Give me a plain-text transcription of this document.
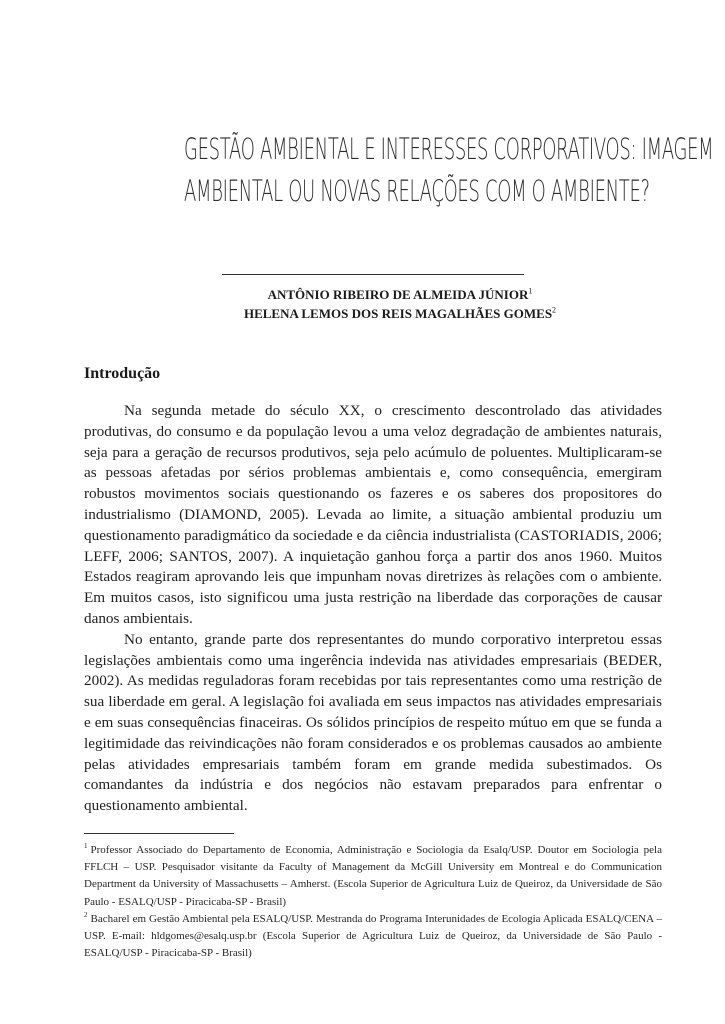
GESTÃO AMBIENTAL E INTERESSES CORPORATIVOS: IMAGEM
AMBIENTAL OU NOVAS RELAÇÕES COM O AMBIENTE?
ANTÔNIO RIBEIRO DE ALMEIDA JÚNIOR$^1$
HELENA LEMOS DOS REIS MAGALHÃES GOMES$^2$
Introdução

Na segunda metade do século XX, o crescimento descontrolado das atividades produtivas, do consumo e da população levou a uma veloz degradação de ambientes naturais, seja para a geração de recursos produtivos, seja pelo acúmulo de poluentes. Multiplicaram-se as pessoas afetadas por sérios problemas ambientais e, como consequência, emergiram robustos movimentos sociais questionando os fazeres e os saberes dos propositores do industrialismo (DIAMOND, 2005). Levada ao limite, a situação ambiental produziu um questionamento paradigmático da sociedade e da ciência industrialista (CASTORIADIS, 2006; LEFF, 2006; SANTOS, 2007). A inquietação ganhou força a partir dos anos 1960. Muitos Estados reagiram aprovando leis que impunham novas diretrizes às relações com o ambiente. Em muitos casos, isto significou uma justa restrição na liberdade das corporações de causar danos ambientais.

No entanto, grande parte dos representantes do mundo corporativo interpretou essas legislações ambientais como uma ingerência indevida nas atividades empresariais (BEDER, 2002). As medidas reguladoras foram recebidas por tais representantes como uma restrição de sua liberdade em geral. A legislação foi avaliada em seus impactos nas atividades empresariais e em suas consequências finaceiras. Os sólidos princípios de respeito mútuo em que se funda a legitimidade das reivindicações não foram considerados e os problemas causados ao ambiente pelas atividades empresariais também foram em grande medida subestimados. Os comandantes da indústria e dos negócios não estavam preparados para enfrentar o questionamento ambiental.

$^1$ Professor Associado do Departamento de Economia, Administração e Sociologia da Esalq/USP. Doutor em Sociologia pela FFLCH – USP. Pesquisador visitante da Faculty of Management da McGill University em Montreal e do Communication Department da University of Massachusetts – Amherst. (Escola Superior de Agricultura Luiz de Queiroz, da Universidade de São Paulo - ESALQ/USP - Piracicaba-SP - Brasil)

$^2$ Bacharel em Gestão Ambiental pela ESALQ/USP. Mestranda do Programa Interunidades de Ecologia Aplicada ESALQ/CENA – USP. E-mail: hldgomes@esalq.usp.br (Escola Superior de Agricultura Luiz de Queiroz, da Universidade de São Paulo - ESALQ/USP - Piracicaba-SP - Brasil)
